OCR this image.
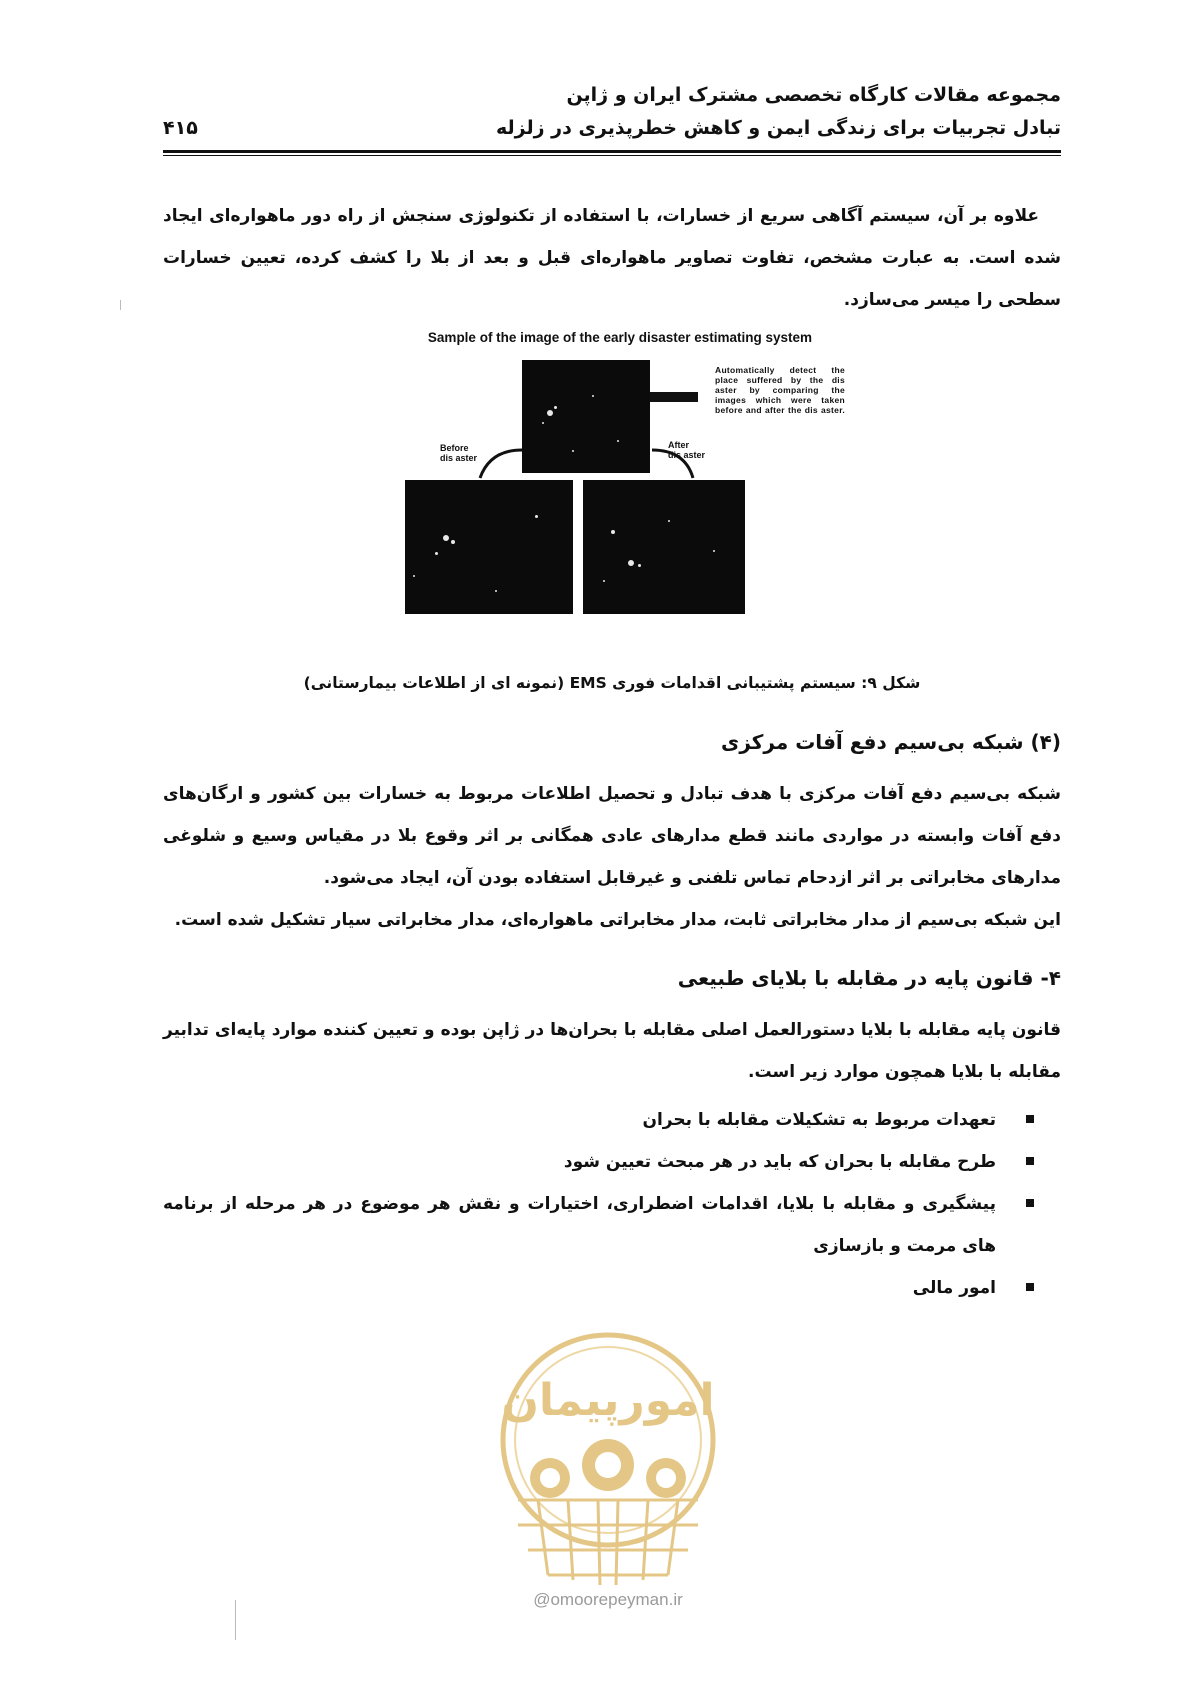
مجموعه مقالات کارگاه تخصصی مشترک ایران و ژاپن
تبادل تجربیات برای زندگی ایمن و کاهش خطرپذیری در زلزله
۴۱۵
علاوه بر آن، سیستم آگاهی سریع از خسارات، با استفاده از تکنولوژی سنجش از راه دور ماهواره‌ای ایجاد شده است. به عبارت مشخص، تفاوت تصاویر ماهواره‌ای قبل و بعد از بلا را کشف کرده، تعیین خسارات سطحی را میسر می‌سازد.
Sample of the image of the early disaster estimating system
Automatically detect the place suffered by the dis aster by comparing the images which were taken before and after the dis aster.
Before
dis aster
After
dis aster
شکل ۹: سیستم پشتیبانی اقدامات فوری EMS (نمونه ای از اطلاعات بیمارستانی)
(۴) شبکه بی‌سیم دفع آفات مرکزی
شبکه بی‌سیم دفع آفات مرکزی با هدف تبادل و تحصیل اطلاعات مربوط به خسارات بین کشور و ارگان‌های دفع آفات وابسته در مواردی مانند قطع مدارهای عادی همگانی بر اثر وقوع بلا در مقیاس وسیع و شلوغی مدارهای مخابراتی بر اثر ازدحام تماس تلفنی و غیرقابل استفاده بودن آن، ایجاد می‌شود.
این شبکه بی‌سیم از مدار مخابراتی ثابت، مدار مخابراتی ماهواره‌ای، مدار مخابراتی سیار تشکیل شده است.
۴- قانون پایه در مقابله با بلایای طبیعی
قانون پایه مقابله با بلایا دستورالعمل اصلی مقابله با بحران‌ها در ژاپن بوده و تعیین کننده موارد پایه‌ای تدابیر مقابله با بلایا همچون موارد زیر است.
تعهدات مربوط به تشکیلات مقابله با بحران
طرح مقابله با بحران که باید در هر مبحث تعیین شود
پیشگیری و مقابله با بلایا، اقدامات اضطراری، اختیارات و نقش هر موضوع در هر مرحله از برنامه های مرمت و بازسازی
امور مالی
امورپیمان
@omoorepeyman.ir
